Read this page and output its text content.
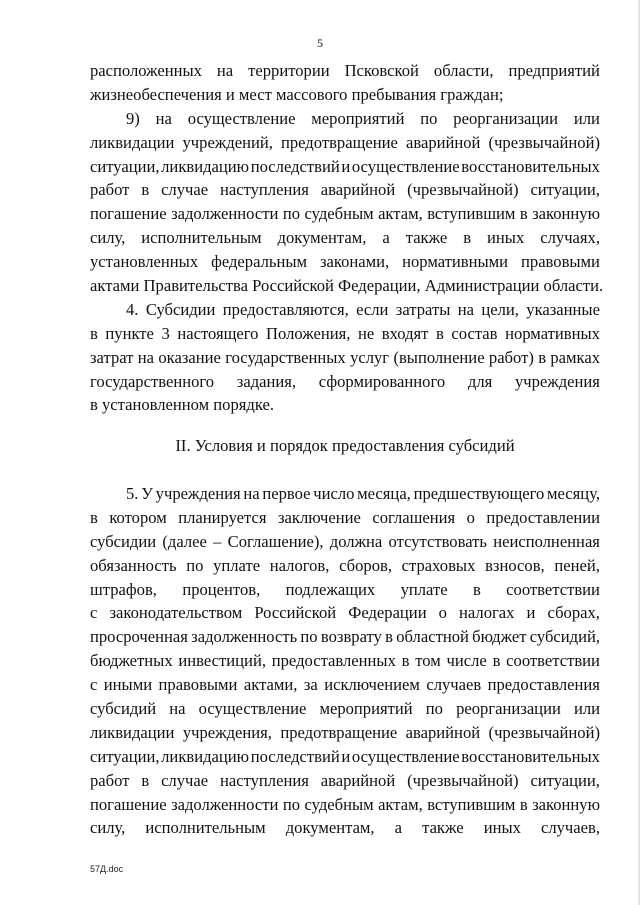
5
расположенных на территории Псковской области, предприятий
жизнеобеспечения и мест массового пребывания граждан;
9) на осуществление мероприятий по реорганизации или
ликвидации учреждений, предотвращение аварийной (чрезвычайной)
ситуации, ликвидацию последствий и осуществление восстановительных
работ в случае наступления аварийной (чрезвычайной) ситуации,
погашение задолженности по судебным актам, вступившим в законную
силу, исполнительным документам, а также в иных случаях,
установленных федеральным законами, нормативными правовыми
актами Правительства Российской Федерации, Администрации области.
4. Субсидии предоставляются, если затраты на цели, указанные
в пункте 3 настоящего Положения, не входят в состав нормативных
затрат на оказание государственных услуг (выполнение работ) в рамках
государственного задания, сформированного для учреждения
в установленном порядке.
II. Условия и порядок предоставления субсидий
5. У учреждения на первое число месяца, предшествующего месяцу,
в котором планируется заключение соглашения о предоставлении
субсидии (далее – Соглашение), должна отсутствовать неисполненная
обязанность по уплате налогов, сборов, страховых взносов, пеней,
штрафов, процентов, подлежащих уплате в соответствии
с законодательством Российской Федерации о налогах и сборах,
просроченная задолженность по возврату в областной бюджет субсидий,
бюджетных инвестиций, предоставленных в том числе в соответствии
с иными правовыми актами, за исключением случаев предоставления
субсидий на осуществление мероприятий по реорганизации или
ликвидации учреждения, предотвращение аварийной (чрезвычайной)
ситуации, ликвидацию последствий и осуществление восстановительных
работ в случае наступления аварийной (чрезвычайной) ситуации,
погашение задолженности по судебным актам, вступившим в законную
силу, исполнительным документам, а также иных случаев,
57Д.doc
